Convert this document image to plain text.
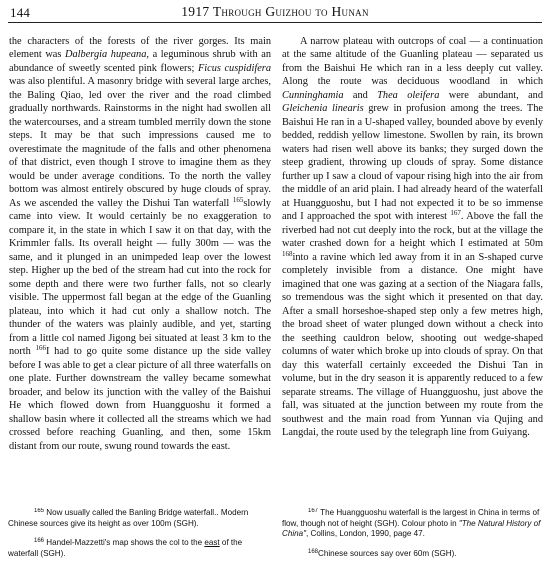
144	1917 Through Guizhou to Hunan

the characters of the forests of the river gorges. Its main element was Dalbergia hupeana, a leguminous shrub with an abundance of sweetly scented pink flowers; Ficus cuspidifera was also plentiful. A masonry bridge with several large arches, the Baling Qiao, led over the river and the road climbed gradually northwards. Rainstorms in the night had swollen all the watercourses, and a stream tumbled merrily down the stone steps. It may be that such impressions caused me to overestimate the magnitude of the falls and other phenomena of that district, even though I strove to imagine them as they would be under average conditions. To the north the valley bottom was almost entirely obscured by huge clouds of spray. As we ascended the valley the Dishui Tan waterfall $^{165}$slowly came into view. It would certainly be no exaggeration to compare it, in the state in which I saw it on that day, with the Krimmler falls. Its overall height — fully 300m — was the same, and it plunged in an unimpeded leap over the lowest step. Higher up the bed of the stream had cut into the rock for some depth and there were two further falls, not so clearly visible. The uppermost fall began at the edge of the Guanling plateau, into which it had cut only a shallow notch. The thunder of the waters was plainly audible, and yet, starting from a little col named Jigong bei situated at least 3 km to the north $^{166}$I had to go quite some distance up the side valley before I was able to get a clear picture of all three waterfalls on one plate. Further downstream the valley became somewhat broader, and below its junction with the valley of the Baishui He which flowed down from Huangguoshu it formed a shallow basin where it collected all the streams which we had crossed before reaching Guanling, and then, some 15km distant from our route, swung round towards the east.

A narrow plateau with outcrops of coal — a continuation at the same altitude of the Guanling plateau — separated us from the Baishui He which ran in a less deeply cut valley. Along the route was deciduous woodland in which Cunninghamia and Thea oleifera were abundant, and Gleichenia linearis grew in profusion among the trees. The Baishui He ran in a U-shaped valley, bounded above by evenly bedded, reddish yellow limestone. Swollen by rain, its brown waters had risen well above its banks; they surged down the steep gradient, throwing up clouds of spray. Some distance further up I saw a cloud of vapour rising high into the air from the middle of an arid plain. I had already heard of the waterfall at Huangguoshu, but I had not expected it to be so immense and I approached the spot with interest $^{167}$. Above the fall the riverbed had not cut deeply into the rock, but at the village the water crashed down for a height which I estimated at 50m $^{168}$into a ravine which led away from it in an S-shaped curve completely invisible from a distance. One might have imagined that one was gazing at a section of the Niagara falls, so tremendous was the sight which it presented on that day. After a small horseshoe-shaped step only a few metres high, the broad sheet of water plunged down without a check into the seething cauldron below, shooting out wedge-shaped columns of water which broke up into clouds of spray. On that day this waterfall certainly exceeded the Dishui Tan in volume, but in the dry season it is apparently reduced to a few separate streams. The village of Huangguoshu, just above the fall, was situated at the junction between my route from the southwest and the main road from Yunnan via Qujing and Langdai, the route used by the telegraph line from Guiyang.

$^{165}$ Now usually called the Banling Bridge waterfall.. Modern Chinese sources give its height as over 100m (SGH).

$^{166}$ Handel-Mazzetti's map shows the col to the east of the waterfall (SGH).

$^{167}$ The Huangguoshu waterfall is the largest in China in terms of flow, though not of height (SGH). Colour photo in "The Natural History of China", Collins, London, 1990, page 47.

$^{168}$Chinese sources say over 60m (SGH).
